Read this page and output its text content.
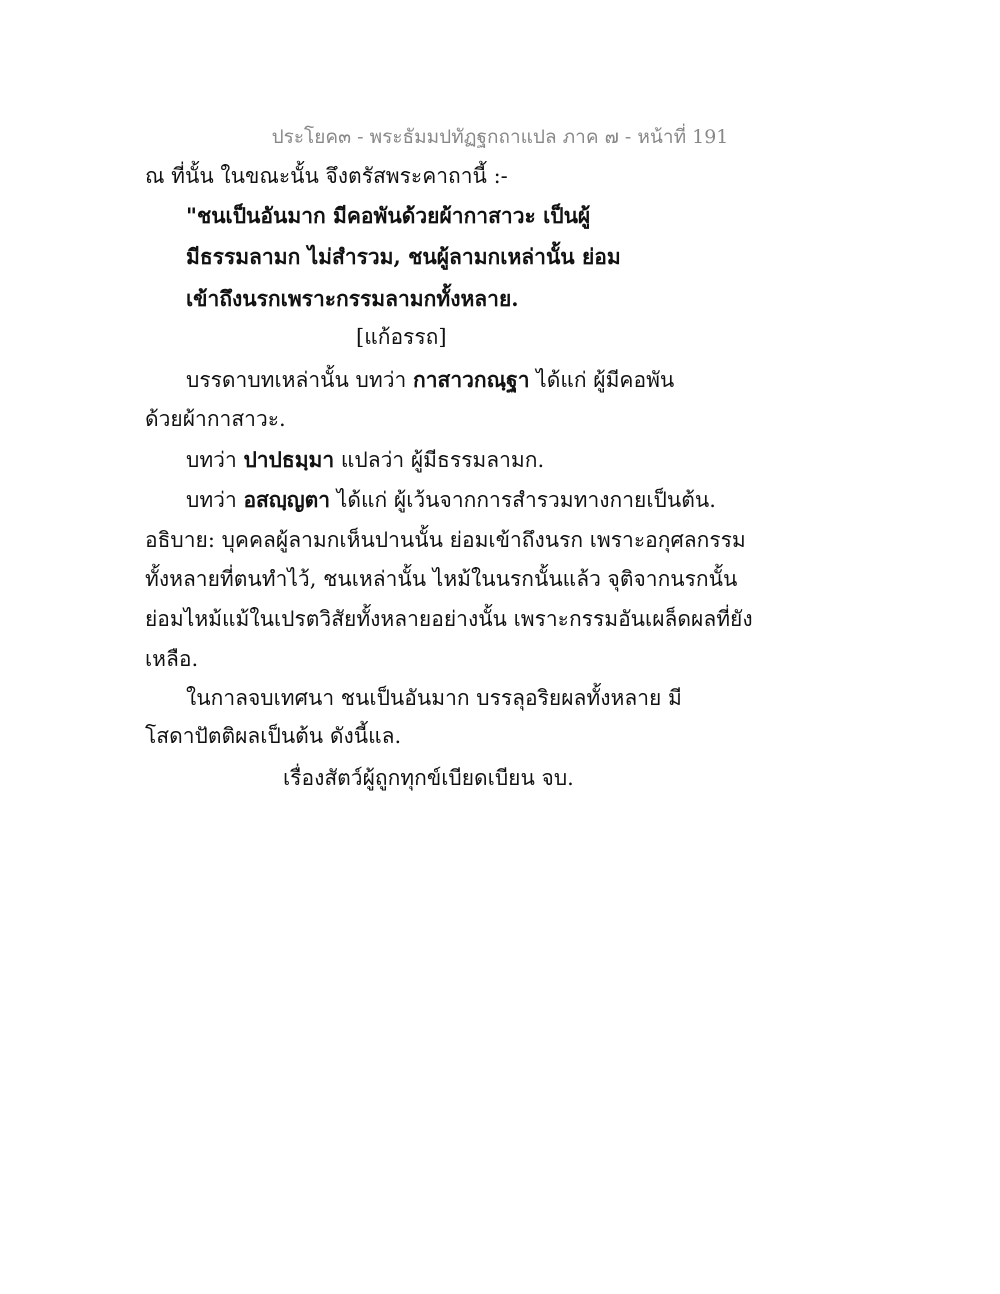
ประโยค๓ - พระธัมมปทัฏฐกถาแปล ภาค ๗ - หน้าที่ 191
ณ ที่นั้น ในขณะนั้น จึงตรัสพระคาถานี้ :-
"ชนเป็นอันมาก มีคอพันด้วยผ้ากาสาวะ เป็นผู้
มีธรรมลามก ไม่สำรวม, ชนผู้ลามกเหล่านั้น ย่อม
เข้าถึงนรกเพราะกรรมลามกทั้งหลาย.
[แก้อรรถ]
บรรดาบทเหล่านั้น บทว่า กาสาวกณฺฐา ได้แก่ ผู้มีคอพัน
ด้วยผ้ากาสาวะ.
บทว่า ปาปธมฺมา แปลว่า ผู้มีธรรมลามก.
บทว่า อสญฺญตา ได้แก่ ผู้เว้นจากการสำรวมทางกายเป็นต้น.
อธิบาย: บุคคลผู้ลามกเห็นปานนั้น ย่อมเข้าถึงนรก เพราะอกุศลกรรม
ทั้งหลายที่ตนทำไว้, ชนเหล่านั้น ไหม้ในนรกนั้นแล้ว จุติจากนรกนั้น
ย่อมไหม้แม้ในเปรตวิสัยทั้งหลายอย่างนั้น เพราะกรรมอันเผล็ดผลที่ยัง
เหลือ.
ในกาลจบเทศนา ชนเป็นอันมาก บรรลุอริยผลทั้งหลาย มี
โสดาปัตติผลเป็นต้น ดังนี้แล.
เรื่องสัตว์ผู้ถูกทุกข์เบียดเบียน จบ.
